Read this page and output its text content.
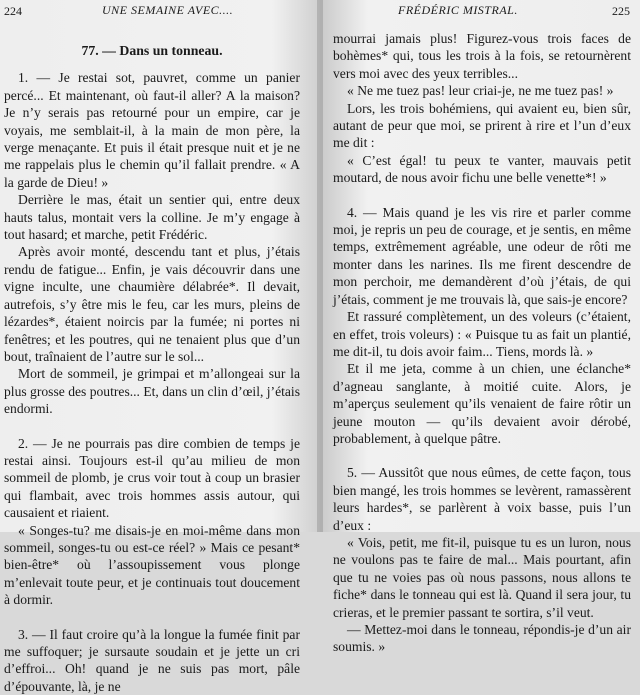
224	UNE SEMAINE AVEC....
77. — Dans un tonneau.

1. — Je restai sot, pauvret, comme un panier percé... Et maintenant, où faut-il aller? A la maison? Je n’y serais pas retourné pour un empire, car je voyais, me semblait-il, à la main de mon père, la verge menaçante. Et puis il était presque nuit et je ne me rappelais plus le chemin qu’il fallait prendre. « A la garde de Dieu! »

Derrière le mas, était un sentier qui, entre deux hauts talus, montait vers la colline. Je m’y engage à tout hasard; et marche, petit Frédéric.

Après avoir monté, descendu tant et plus, j’étais rendu de fatigue... Enfin, je vais découvrir dans une vigne inculte, une chaumière délabrée*. Il devait, autrefois, s’y être mis le feu, car les murs, pleins de lézardes*, étaient noircis par la fumée; ni portes ni fenêtres; et les poutres, qui ne tenaient plus que d’un bout, traînaient de l’autre sur le sol...

Mort de sommeil, je grimpai et m’allongeai sur la plus grosse des poutres... Et, dans un clin d’œil, j’étais endormi.

2. — Je ne pourrais pas dire combien de temps je restai ainsi. Toujours est-il qu’au milieu de mon sommeil de plomb, je crus voir tout à coup un brasier qui flambait, avec trois hommes assis autour, qui causaient et riaient.

« Songes-tu? me disais-je en moi-même dans mon sommeil, songes-tu ou est-ce réel? » Mais ce pesant* bien-être* où l’assoupissement vous plonge m’enlevait toute peur, et je continuais tout doucement à dormir.

3. — Il faut croire qu’à la longue la fumée finit par me suffoquer; je sursaute soudain et je jette un cri d’effroi... Oh! quand je ne suis pas mort, pâle d’épouvante, là, je ne

FRÉDÉRIC MISTRAL.	225

mourrai jamais plus! Figurez-vous trois faces de bohèmes* qui, tous les trois à la fois, se retournèrent vers moi avec des yeux terribles...

« Ne me tuez pas! leur criai-je, ne me tuez pas! »

Lors, les trois bohémiens, qui avaient eu, bien sûr, autant de peur que moi, se prirent à rire et l’un d’eux me dit :

« C’est égal! tu peux te vanter, mauvais petit moutard, de nous avoir fichu une belle venette*! »

4. — Mais quand je les vis rire et parler comme moi, je repris un peu de courage, et je sentis, en même temps, extrêmement agréable, une odeur de rôti me monter dans les narines. Ils me firent descendre de mon perchoir, me demandèrent d’où j’étais, de qui j’étais, comment je me trouvais là, que sais-je encore?

Et rassuré complètement, un des voleurs (c’étaient, en effet, trois voleurs) : « Puisque tu as fait un plantié, me dit-il, tu dois avoir faim... Tiens, mords là. »

Et il me jeta, comme à un chien, une éclanche* d’agneau sanglante, à moitié cuite. Alors, je m’aperçus seulement qu’ils venaient de faire rôtir un jeune mouton — qu’ils devaient avoir dérobé, probablement, à quelque pâtre.

5. — Aussitôt que nous eûmes, de cette façon, tous bien mangé, les trois hommes se levèrent, ramassèrent leurs hardes*, se parlèrent à voix basse, puis l’un d’eux :

« Vois, petit, me fit-il, puisque tu es un luron, nous ne voulons pas te faire de mal... Mais pourtant, afin que tu ne voies pas où nous passons, nous allons te fiche* dans le tonneau qui est là. Quand il sera jour, tu crieras, et le premier passant te sortira, s’il veut.

— Mettez-moi dans le tonneau, répondis-je d’un air soumis. »
